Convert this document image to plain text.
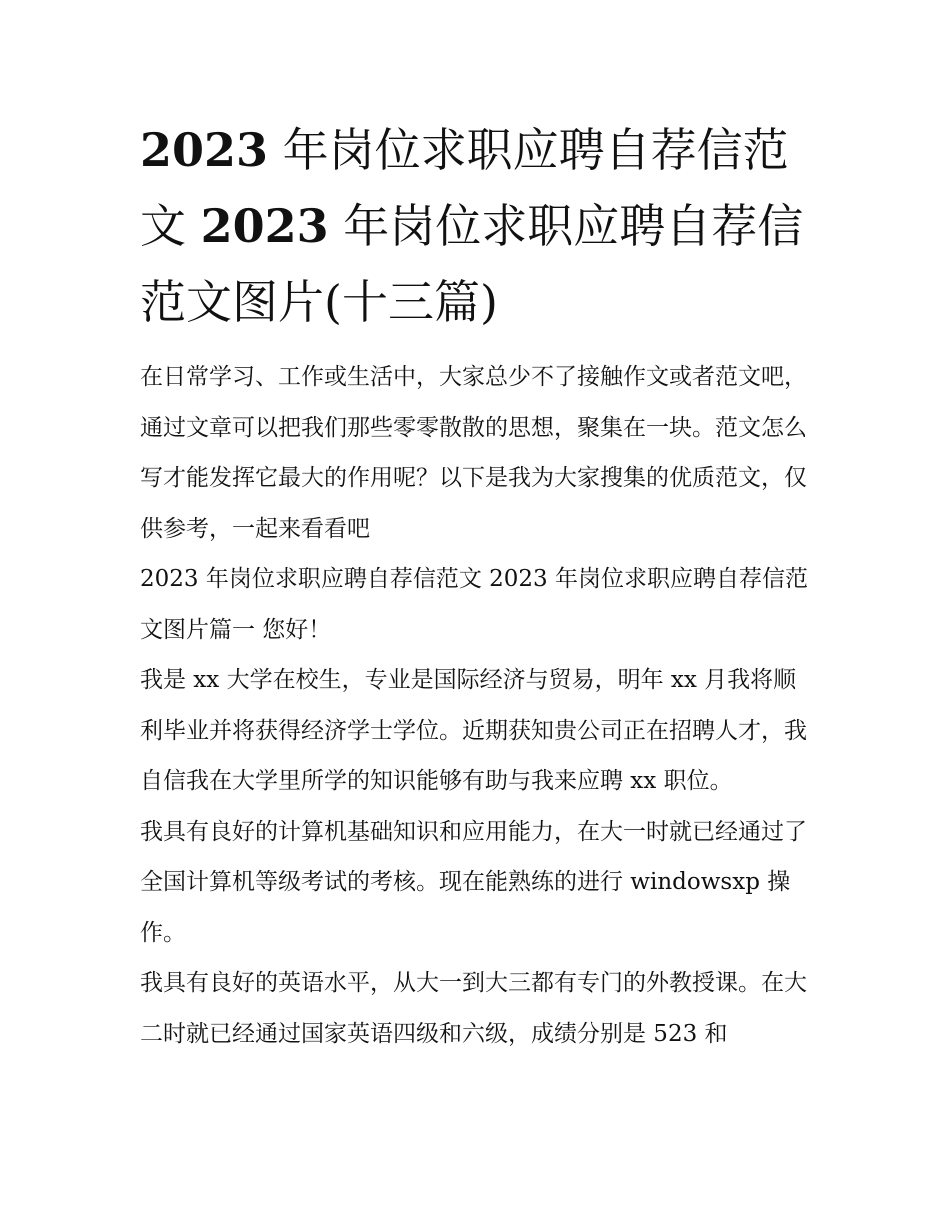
2023 年岗位求职应聘自荐信范文 2023 年岗位求职应聘自荐信范文图片(十三篇)

在日常学习、工作或生活中，大家总少不了接触作文或者范文吧，通过文章可以把我们那些零零散散的思想，聚集在一块。范文怎么写才能发挥它最大的作用呢？以下是我为大家搜集的优质范文，仅供参考，一起来看看吧

2023 年岗位求职应聘自荐信范文 2023 年岗位求职应聘自荐信范文图片篇一 您好！

我是 xx 大学在校生，专业是国际经济与贸易，明年 xx 月我将顺利毕业并将获得经济学士学位。近期获知贵公司正在招聘人才，我自信我在大学里所学的知识能够有助与我来应聘 xx 职位。

我具有良好的计算机基础知识和应用能力，在大一时就已经通过了全国计算机等级考试的考核。现在能熟练的进行 windowsxp 操作。

我具有良好的英语水平，从大一到大三都有专门的外教授课。在大二时就已经通过国家英语四级和六级，成绩分别是 523 和
